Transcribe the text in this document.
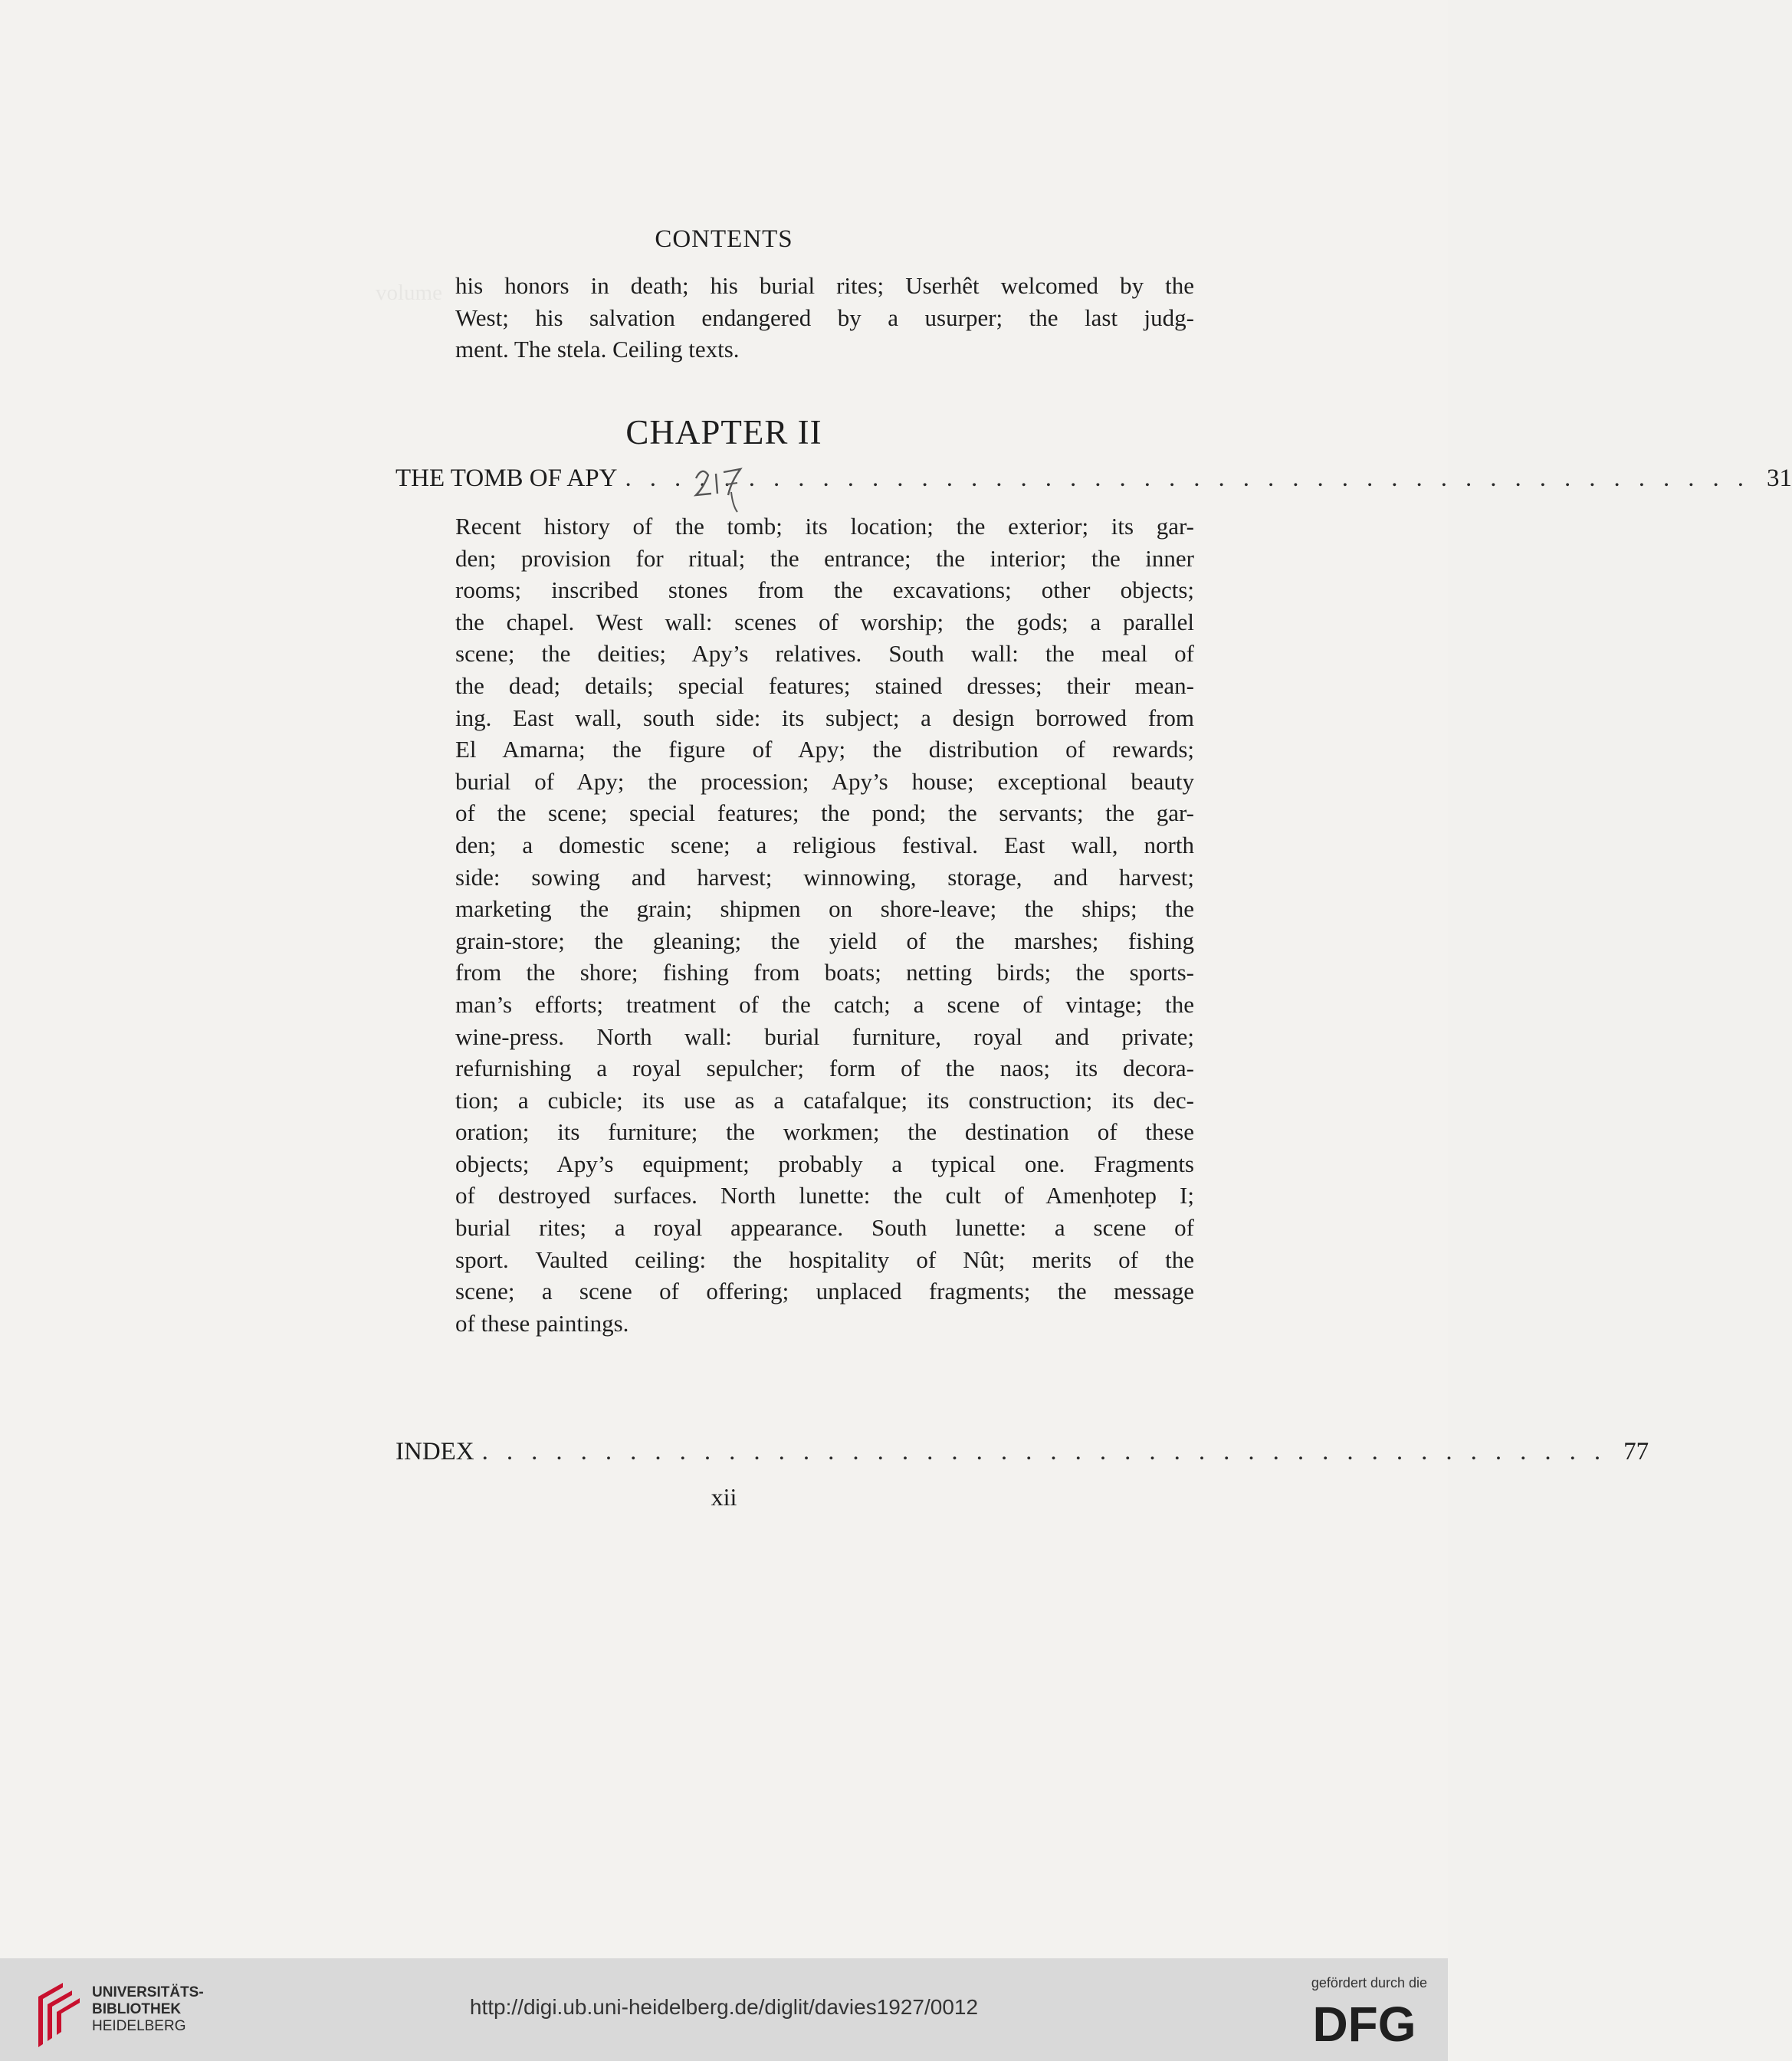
volume
CONTENTS
his honors in death; his burial rites; Userhêt welcomed by the
West; his salvation endangered by a usurper; the last judg-
ment. The stela. Ceiling texts.
CHAPTER II
THE TOMB OF APY .............................................. 31
Recent history of the tomb; its location; the exterior; its gar-
den; provision for ritual; the entrance; the interior; the inner
rooms; inscribed stones from the excavations; other objects;
the chapel. West wall: scenes of worship; the gods; a parallel
scene; the deities; Apy’s relatives. South wall: the meal of
the dead; details; special features; stained dresses; their mean-
ing. East wall, south side: its subject; a design borrowed from
El Amarna; the figure of Apy; the distribution of rewards;
burial of Apy; the procession; Apy’s house; exceptional beauty
of the scene; special features; the pond; the servants; the gar-
den; a domestic scene; a religious festival. East wall, north
side: sowing and harvest; winnowing, storage, and harvest;
marketing the grain; shipmen on shore-leave; the ships; the
grain-store; the gleaning; the yield of the marshes; fishing
from the shore; fishing from boats; netting birds; the sports-
man’s efforts; treatment of the catch; a scene of vintage; the
wine-press. North wall: burial furniture, royal and private;
refurnishing a royal sepulcher; form of the naos; its decora-
tion; a cubicle; its use as a catafalque; its construction; its dec-
oration; its furniture; the workmen; the destination of these
objects; Apy’s equipment; probably a typical one. Fragments
of destroyed surfaces. North lunette: the cult of Amenḥotep I;
burial rites; a royal appearance. South lunette: a scene of
sport. Vaulted ceiling: the hospitality of Nût; merits of the
scene; a scene of offering; unplaced fragments; the message
of these paintings.
INDEX .............................................. 77
xii
UNIVERSITÄTS-
BIBLIOTHEK
HEIDELBERG
http://digi.ub.uni-heidelberg.de/diglit/davies1927/0012
gefördert durch die
DFG
